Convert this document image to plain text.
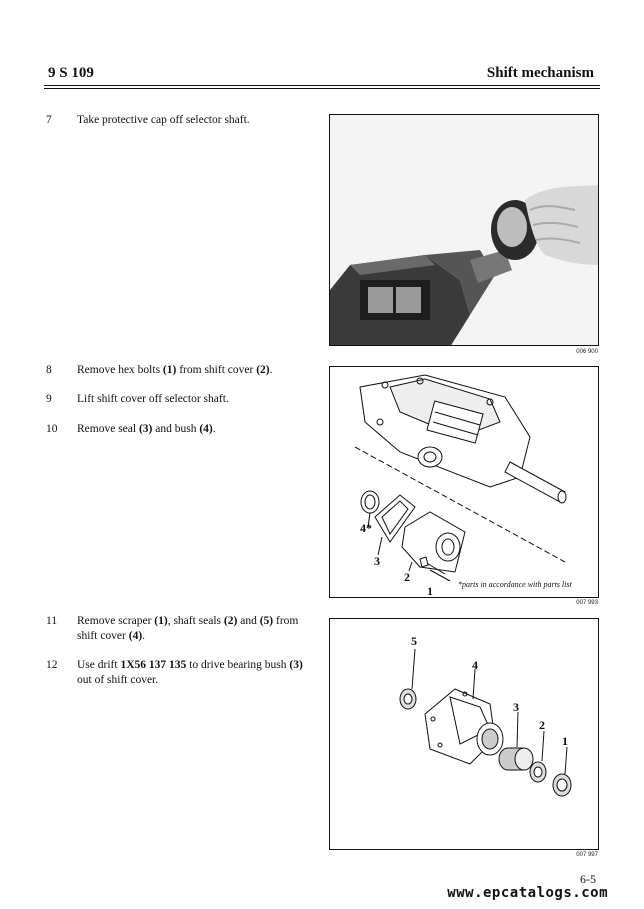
9 S 109	Shift mechanism
7	Take protective cap off selector shaft.
8	Remove hex bolts (1) from shift cover (2).
9	Lift shift cover off selector shaft.
10	Remove seal (3) and bush (4).
11	Remove scraper (1), shaft seals (2) and (5) from shift cover (4).
12	Use drift 1X56 137 135 to drive bearing bush (3) out of shift cover.
006 900
4*
3
2
1	*parts in accordance with parts list
007 993
5
4
3
2
1
007 997
6-5
www.epcatalogs.com
